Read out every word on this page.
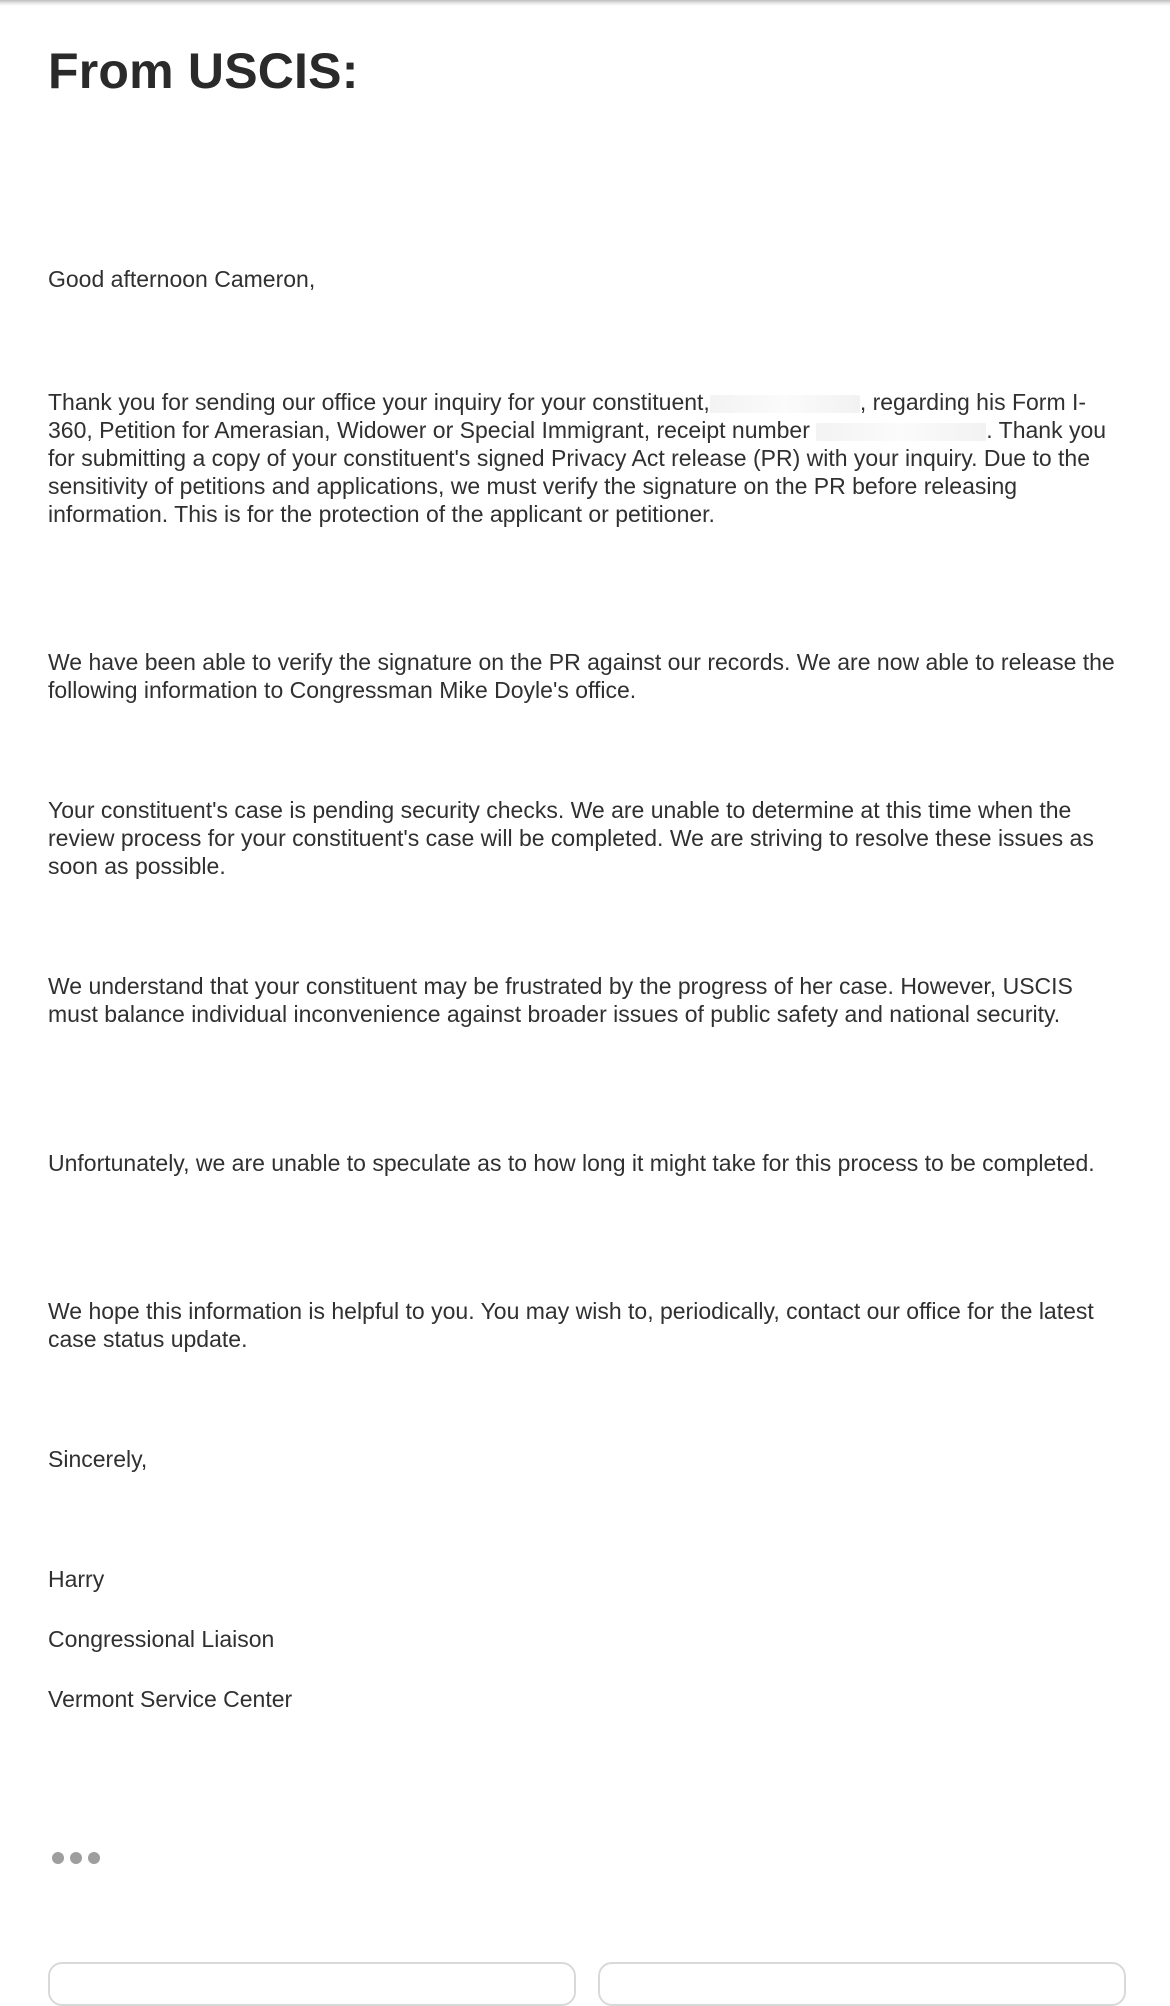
From USCIS:

Good afternoon Cameron,

Thank you for sending our office your inquiry for your constituent,	, regarding his Form I-360, Petition for Amerasian, Widower or Special Immigrant, receipt number	. Thank you for submitting a copy of your constituent's signed Privacy Act release (PR) with your inquiry. Due to the sensitivity of petitions and applications, we must verify the signature on the PR before releasing information. This is for the protection of the applicant or petitioner.

We have been able to verify the signature on the PR against our records. We are now able to release the following information to Congressman Mike Doyle's office.

Your constituent's case is pending security checks. We are unable to determine at this time when the review process for your constituent's case will be completed. We are striving to resolve these issues as soon as possible.

We understand that your constituent may be frustrated by the progress of her case. However, USCIS must balance individual inconvenience against broader issues of public safety and national security.

Unfortunately, we are unable to speculate as to how long it might take for this process to be completed.

We hope this information is helpful to you. You may wish to, periodically, contact our office for the latest case status update.

Sincerely,

Harry

Congressional Liaison

Vermont Service Center
